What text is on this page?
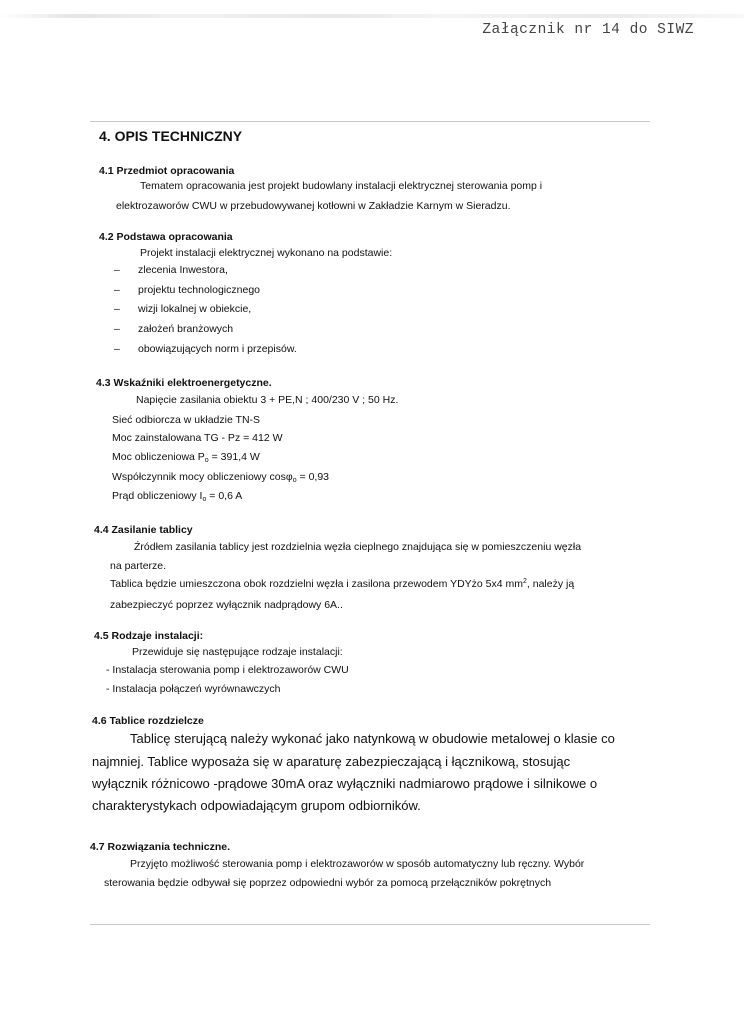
Załącznik nr 14 do SIWZ
4. OPIS TECHNICZNY
4.1 Przedmiot opracowania
Tematem opracowania jest projekt budowlany instalacji elektrycznej sterowania pomp i
elektrozaworów CWU w przebudowywanej kotłowni w Zakładzie Karnym w Sieradzu.
4.2 Podstawa opracowania
Projekt instalacji elektrycznej wykonano na podstawie:
– zlecenia Inwestora,
– projektu technologicznego
– wizji lokalnej w obiekcie,
– założeń branżowych
– obowiązujących norm i przepisów.
4.3 Wskaźniki elektroenergetyczne.
Napięcie zasilania obiektu 3 + PE,N ; 400/230 V ; 50 Hz.
Sieć odbiorcza w układzie TN-S
Moc zainstalowana TG - Pz = 412 W
Moc obliczeniowa $P_o = 391,4$ W
Współczynnik mocy obliczeniowy cosφ$_o$ = 0,93
Prąd obliczeniowy $I_o = 0,6$ A
4.4 Zasilanie tablicy
Źródłem zasilania tablicy jest rozdzielnia węzła cieplnego znajdująca się w pomieszczeniu węzła
na parterze.
Tablica będzie umieszczona obok rozdzielni węzła i zasilona przewodem YDYżo 5x4 $mm^2$, należy ją
zabezpieczyć poprzez wyłącznik nadprądowy 6A..
4.5 Rodzaje instalacji:
Przewiduje się następujące rodzaje instalacji:
- Instalacja sterowania pomp i elektrozaworów CWU
- Instalacja połączeń wyrównawczych
4.6 Tablice rozdzielcze
Tablicę sterującą należy wykonać jako natynkową w obudowie metalowej o klasie co
najmniej. Tablice wyposaża się w aparaturę zabezpieczającą i łącznikową, stosując
wyłącznik różnicowo -prądowe 30mA oraz wyłączniki nadmiarowo prądowe i silnikowe o
charakterystykach odpowiadającym grupom odbiorników.
4.7 Rozwiązania techniczne.
Przyjęto możliwość sterowania pomp i elektrozaworów w sposób automatyczny lub ręczny. Wybór
sterowania będzie odbywał się poprzez odpowiedni wybór za pomocą przełączników pokrętnych
